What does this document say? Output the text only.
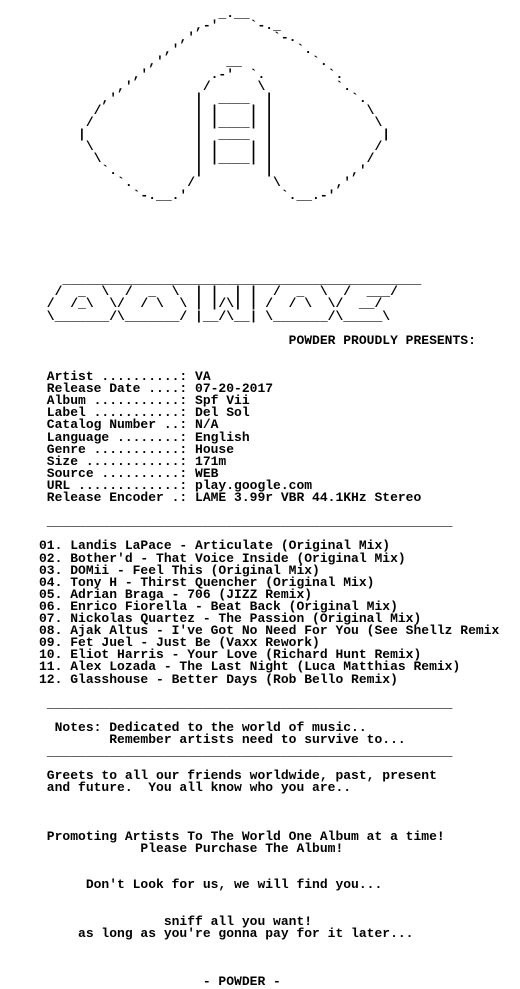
_.__
,-'    `-._
,'          `-.
,'               `.
,'        __         `.
,'        .-'  `.        `.
,'         /      \         `.
,'          |  ____  |          `.
/            | |    | |            \
/             | |____| |             \
|              |  ____  |              |
\             | |    | |             /
\            | |____| |            /
`.          |        |          ,'
`.       /          \       ,'
`-.__.'            `.__.-'
______________________________________________
/  _  \  /  _  \  | |  | |  /  _  \  /  ___/
/  /_\  \/  / \  \ | |/\| | /  / \  \/  __/
\_______/\_______/ |__/\__| \_______/\_____\

POWDER PROUDLY PRESENTS:
Artist ..........: VA
Release Date ....: 07-20-2017
Album ...........: Spf Vii
Label ...........: Del Sol
Catalog Number ..: N/A
Language ........: English
Genre ...........: House
Size ............: 171m
Source ..........: WEB
URL .............: play.google.com
Release Encoder .: LAME 3.99r VBR 44.1KHz Stereo
____________________________________________________
01. Landis LaPace - Articulate (Original Mix)
02. Bother'd - That Voice Inside (Original Mix)
03. DOMii - Feel This (Original Mix)
04. Tony H - Thirst Quencher (Original Mix)
05. Adrian Braga - 706 (JIZZ Remix)
06. Enrico Fiorella - Beat Back (Original Mix)
07. Nickolas Quartez - The Passion (Original Mix)
08. Ajak Altus - I've Got No Need For You (See Shellz Remix
09. Fet Juel - Just Be (Vaxx Rework)
10. Eliot Harris - Your Love (Richard Hunt Remix)
11. Alex Lozada - The Last Night (Luca Matthias Remix)
12. Glasshouse - Better Days (Rob Bello Remix)
____________________________________________________
Notes: Dedicated to the world of music..
Remember artists need to survive to...
____________________________________________________
Greets to all our friends worldwide, past, present
and future.  You all know who you are..
Promoting Artists To The World One Album at a time!
Please Purchase The Album!
Don't Look for us, we will find you...
sniff all you want!
as long as you're gonna pay for it later...
- POWDER -
